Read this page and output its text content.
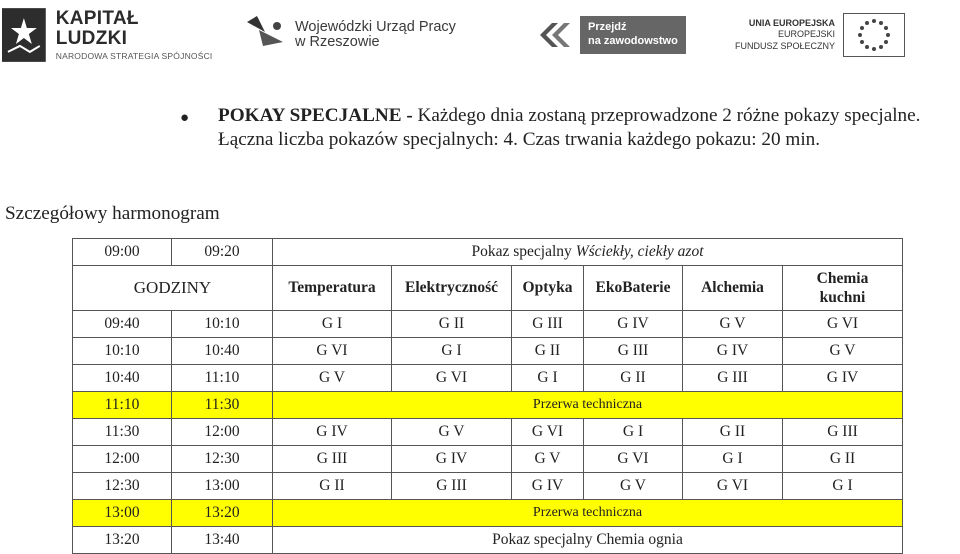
KAPITAŁ LUDZKI
NARODOWA STRATEGIA SPÓJNOŚCI
Wojewódzki Urząd Pracy
w Rzeszowie
Przejdź
na zawodowstwo
UNIA EUROPEJSKA
EUROPEJSKI
FUNDUSZ SPOŁECZNY
● POKAY SPECJALNE - Każdego dnia zostaną przeprowadzone 2 różne pokazy specjalne. Łączna liczba pokazów specjalnych: 4. Czas trwania każdego pokazu: 20 min.
Szczegółowy harmonogram
09:00	09:20	Pokaz specjalny Wściekły, ciekły azot					
GODZINY		Temperatura	Elektryczność	Optyka	EkoBaterie	Alchemia	Chemia
kuchni

09:40	10:10	G I	G II	G III	G IV	G V	G VI
10:10	10:40	G VI	G I	G II	G III	G IV	G V
10:40	11:10	G V	G VI	G I	G II	G III	G IV
11:10	11:30	Przerwa techniczna					
11:30	12:00	G IV	G V	G VI	G I	G II	G III
12:00	12:30	G III	G IV	G V	G VI	G I	G II
12:30	13:00	G II	G III	G IV	G V	G VI	G I
13:00	13:20	Przerwa techniczna					
13:20	13:40	Pokaz specjalny Chemia ognia					
